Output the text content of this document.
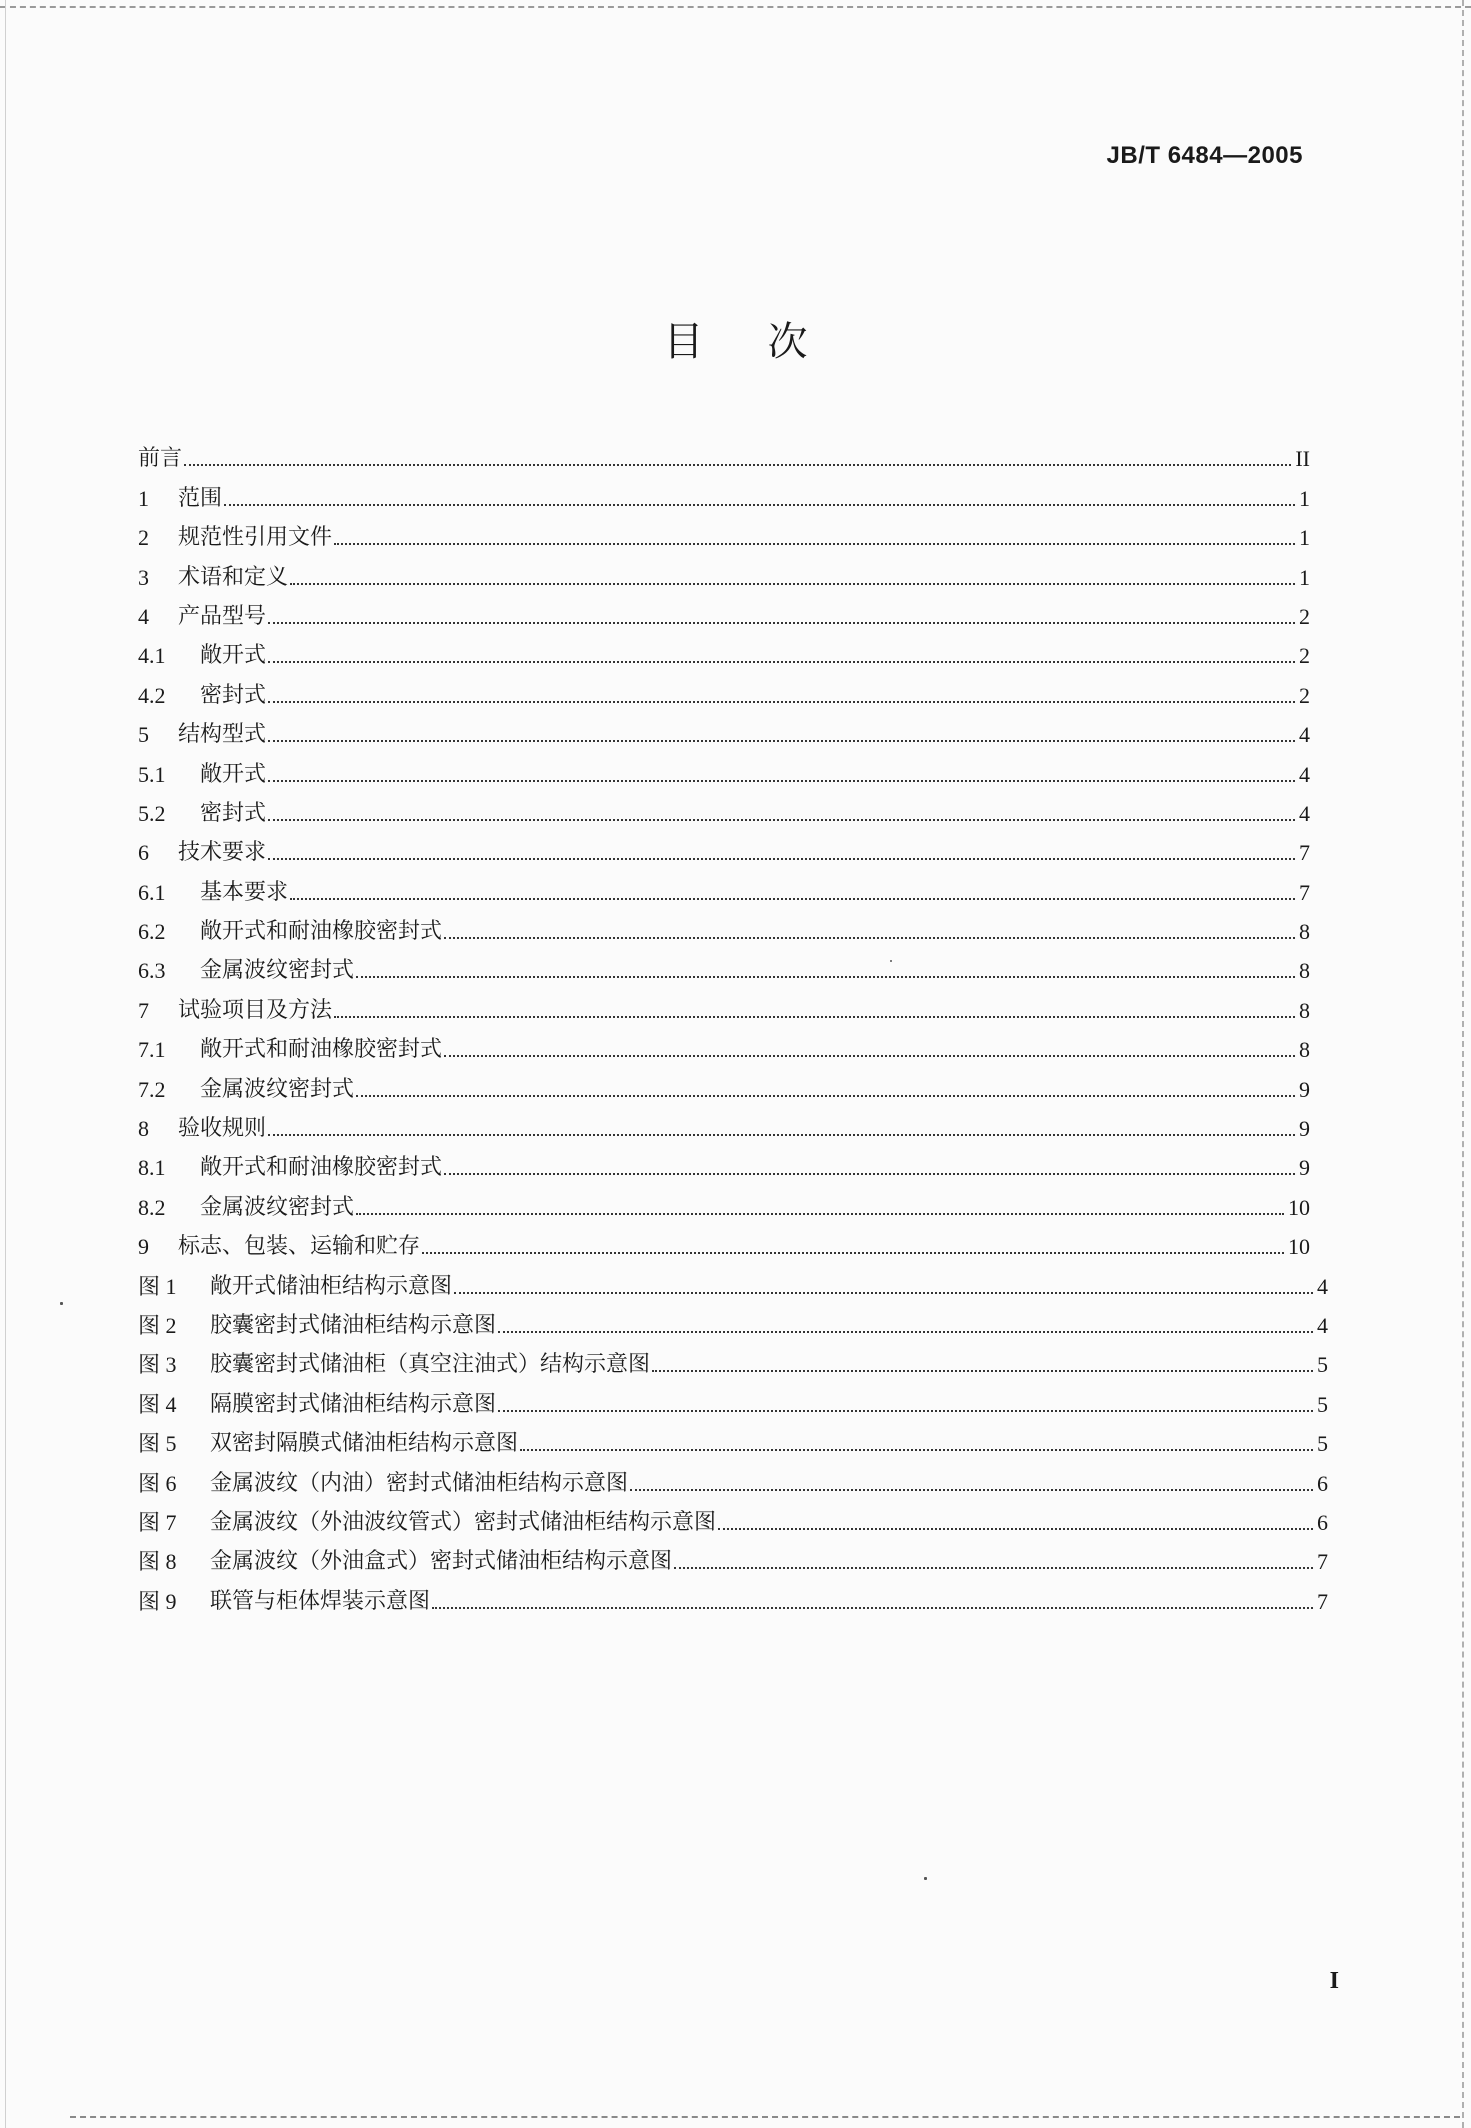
JB/T 6484—2005
目次
前言	II
1	范围	1
2	规范性引用文件	1
3	术语和定义	1
4	产品型号	2
4.1	敞开式	2
4.2	密封式	2
5	结构型式	4
5.1	敞开式	4
5.2	密封式	4
6	技术要求	7
6.1	基本要求	7
6.2	敞开式和耐油橡胶密封式	8
6.3	金属波纹密封式	8
7	试验项目及方法	8
7.1	敞开式和耐油橡胶密封式	8
7.2	金属波纹密封式	9
8	验收规则	9
8.1	敞开式和耐油橡胶密封式	9
8.2	金属波纹密封式	10
9	标志、包装、运输和贮存	10
图 1	敞开式储油柜结构示意图	4
图 2	胶囊密封式储油柜结构示意图	4
图 3	胶囊密封式储油柜（真空注油式）结构示意图	5
图 4	隔膜密封式储油柜结构示意图	5
图 5	双密封隔膜式储油柜结构示意图	5
图 6	金属波纹（内油）密封式储油柜结构示意图	6
图 7	金属波纹（外油波纹管式）密封式储油柜结构示意图	6
图 8	金属波纹（外油盒式）密封式储油柜结构示意图	7
图 9	联管与柜体焊装示意图	7
I
